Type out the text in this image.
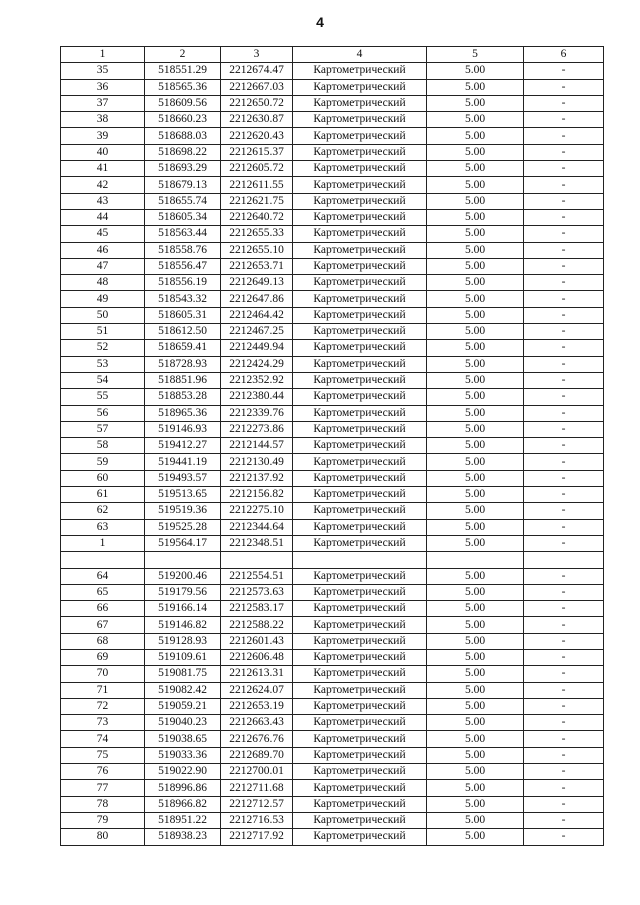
4
1	2	3	4	5	6
35	518551.29	2212674.47	Картометрический	5.00	-
36	518565.36	2212667.03	Картометрический	5.00	-
37	518609.56	2212650.72	Картометрический	5.00	-
38	518660.23	2212630.87	Картометрический	5.00	-
39	518688.03	2212620.43	Картометрический	5.00	-
40	518698.22	2212615.37	Картометрический	5.00	-
41	518693.29	2212605.72	Картометрический	5.00	-
42	518679.13	2212611.55	Картометрический	5.00	-
43	518655.74	2212621.75	Картометрический	5.00	-
44	518605.34	2212640.72	Картометрический	5.00	-
45	518563.44	2212655.33	Картометрический	5.00	-
46	518558.76	2212655.10	Картометрический	5.00	-
47	518556.47	2212653.71	Картометрический	5.00	-
48	518556.19	2212649.13	Картометрический	5.00	-
49	518543.32	2212647.86	Картометрический	5.00	-
50	518605.31	2212464.42	Картометрический	5.00	-
51	518612.50	2212467.25	Картометрический	5.00	-
52	518659.41	2212449.94	Картометрический	5.00	-
53	518728.93	2212424.29	Картометрический	5.00	-
54	518851.96	2212352.92	Картометрический	5.00	-
55	518853.28	2212380.44	Картометрический	5.00	-
56	518965.36	2212339.76	Картометрический	5.00	-
57	519146.93	2212273.86	Картометрический	5.00	-
58	519412.27	2212144.57	Картометрический	5.00	-
59	519441.19	2212130.49	Картометрический	5.00	-
60	519493.57	2212137.92	Картометрический	5.00	-
61	519513.65	2212156.82	Картометрический	5.00	-
62	519519.36	2212275.10	Картометрический	5.00	-
63	519525.28	2212344.64	Картометрический	5.00	-
1	519564.17	2212348.51	Картометрический	5.00	-

64	519200.46	2212554.51	Картометрический	5.00	-
65	519179.56	2212573.63	Картометрический	5.00	-
66	519166.14	2212583.17	Картометрический	5.00	-
67	519146.82	2212588.22	Картометрический	5.00	-
68	519128.93	2212601.43	Картометрический	5.00	-
69	519109.61	2212606.48	Картометрический	5.00	-
70	519081.75	2212613.31	Картометрический	5.00	-
71	519082.42	2212624.07	Картометрический	5.00	-
72	519059.21	2212653.19	Картометрический	5.00	-
73	519040.23	2212663.43	Картометрический	5.00	-
74	519038.65	2212676.76	Картометрический	5.00	-
75	519033.36	2212689.70	Картометрический	5.00	-
76	519022.90	2212700.01	Картометрический	5.00	-
77	518996.86	2212711.68	Картометрический	5.00	-
78	518966.82	2212712.57	Картометрический	5.00	-
79	518951.22	2212716.53	Картометрический	5.00	-
80	518938.23	2212717.92	Картометрический	5.00	-
